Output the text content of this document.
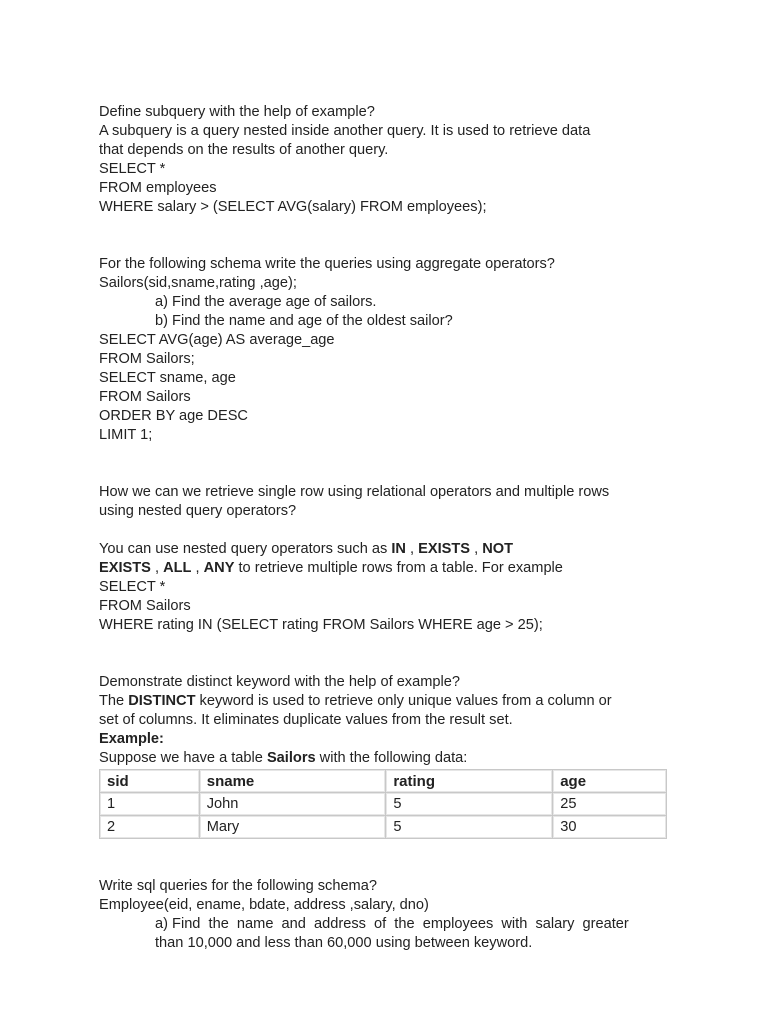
Define subquery with the help of example?
A subquery is a query nested inside another query. It is used to retrieve data
that depends on the results of another query.
SELECT *
FROM employees
WHERE salary > (SELECT AVG(salary) FROM employees);
For the following schema write the queries using aggregate operators?
Sailors(sid,sname,rating ,age);
a) Find the average age of sailors.
b) Find the name and age of the oldest sailor?
SELECT AVG(age) AS average_age
FROM Sailors;
SELECT sname, age
FROM Sailors
ORDER BY age DESC
LIMIT 1;
How we can we retrieve single row using relational operators and multiple rows
using nested query operators?
You can use nested query operators such as IN , EXISTS , NOT
EXISTS , ALL , ANY to retrieve multiple rows from a table. For example
SELECT *
FROM Sailors
WHERE rating IN (SELECT rating FROM Sailors WHERE age > 25);
Demonstrate distinct keyword with the help of example?
The DISTINCT keyword is used to retrieve only unique values from a column or
set of columns. It eliminates duplicate values from the result set.
Example:
Suppose we have a table Sailors with the following data:
sid	sname	rating	age
1	John	5	25
2	Mary	5	30
Write sql queries for the following schema?
Employee(eid, ename, bdate, address ,salary, dno)
a) Find  the  name  and  address  of  the  employees  with  salary  greater
than 10,000 and less than 60,000 using between keyword.
